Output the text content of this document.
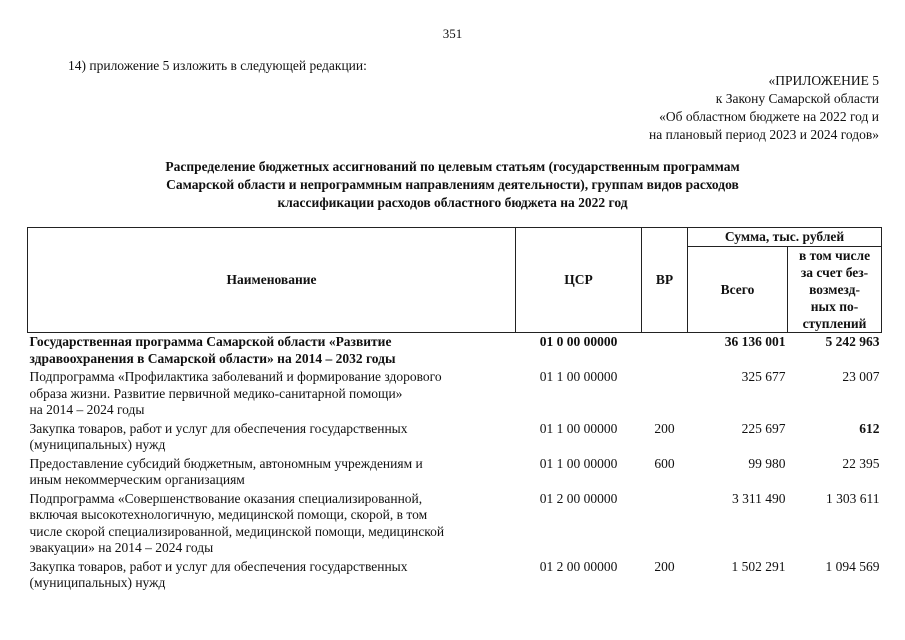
351
14) приложение 5 изложить в следующей редакции:
«ПРИЛОЖЕНИЕ 5
к Закону Самарской области
«Об областном бюджете на 2022 год и
на плановый период 2023 и 2024 годов»
Распределение бюджетных ассигнований по целевым статьям (государственным программам
Самарской области и непрограммным направлениям деятельности), группам видов расходов
классификации расходов областного бюджета на 2022 год
Наименование	ЦСР	ВР	Сумма, тыс. рублей	
			Всего	в том числе
за счет без-
возмезд-
ных по-
ступлений

Государственная программа Самарской области «Развитие
здравоохранения в Самарской области» на 2014 – 2032 годы	01 0 00 00000		36 136 001	5 242 963

Подпрограмма «Профилактика заболеваний и формирование здорового
образа жизни. Развитие первичной медико-санитарной помощи»
на 2014 – 2024 годы	01 1 00 00000		325 677	23 007

Закупка товаров, работ и услуг для обеспечения государственных
(муниципальных) нужд	01 1 00 00000	200	225 697	612

Предоставление субсидий бюджетным, автономным учреждениям и
иным некоммерческим организациям	01 1 00 00000	600	99 980	22 395

Подпрограмма «Совершенствование оказания специализированной,
включая высокотехнологичную, медицинской помощи, скорой, в том
числе скорой специализированной, медицинской помощи, медицинской
эвакуации» на 2014 – 2024 годы	01 2 00 00000		3 311 490	1 303 611

Закупка товаров, работ и услуг для обеспечения государственных
(муниципальных) нужд	01 2 00 00000	200	1 502 291	1 094 569
